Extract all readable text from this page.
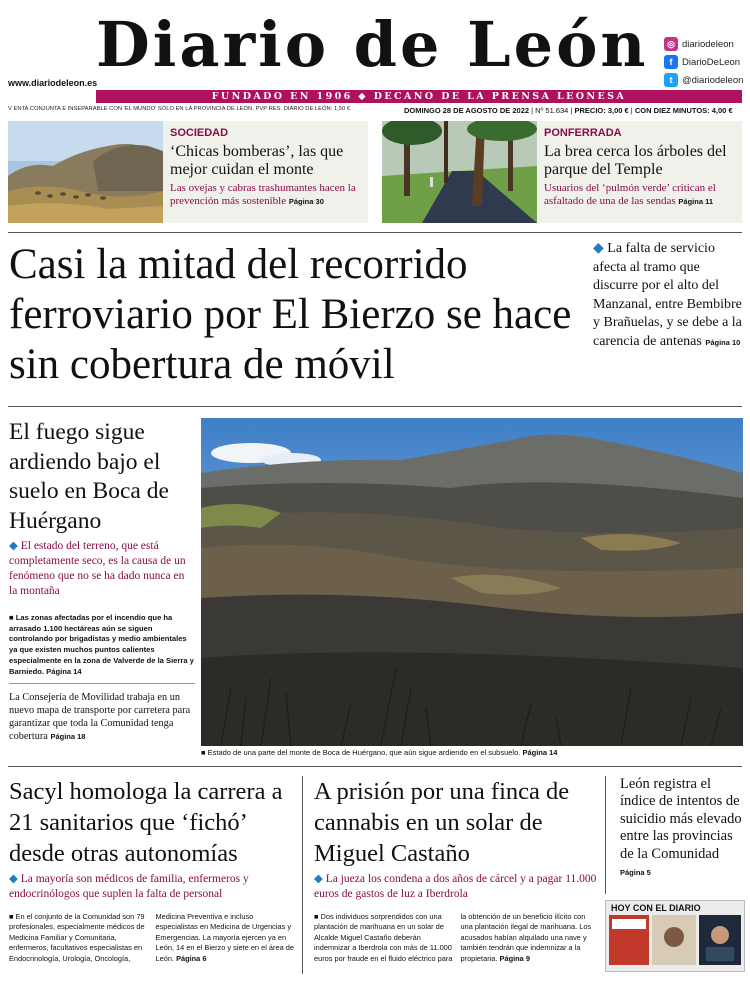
Diario de León	◎ diariodeleon
f	DiarioDeLeon
t	@diariodeleon
www.diariodeleon.es
FUNDADO EN 1906 ◆ DECANO DE LA PRENSA LEONESA
V ENTA CONJUNTA E INSEPARABLE CON 'EL MUNDO' SÓLO EN LA PROVINCIA DE LEÓN. PVP RES. DIARIO DE LEÓN: 1,50 €	DOMINGO 28 DE AGOSTO DE 2022 | Nº 51.634 | PRECIO: 3,00 € | CON DIEZ MINUTOS: 4,00 €
SOCIEDAD
‘Chicas bomberas’, las que mejor cuidan el monte
Las ovejas y cabras trashumantes hacen la prevención más sostenible Página 30
PONFERRADA
La brea cerca los árboles del parque del Temple
Usuarios del ‘pulmón verde’ critican el asfaltado de una de las sendas Página 11
Casi la mitad del recorrido ferroviario por El Bierzo se hace sin cobertura de móvil
◆ La falta de servicio afecta al tramo que discurre por el alto del Manzanal, entre Bembibre y Brañuelas, y se debe a la carencia de antenas Página 10
El fuego sigue ardiendo bajo el suelo en Boca de Huérgano
◆ El estado del terreno, que está completamente seco, es la causa de un fenómeno que no se ha dado nunca en la montaña
■ Las zonas afectadas por el incendio que ha arrasado 1.100 hectáreas aún se siguen controlando por brigadistas y medio ambientales ya que existen muchos puntos calientes especialmente en la zona de Valverde de la Sierra y Barniedo. Página 14
La Consejería de Movilidad trabaja en un nuevo mapa de transporte por carretera para garantizar que toda la Comunidad tenga cobertura Página 18
■ Estado de una parte del monte de Boca de Huérgano, que aún sigue ardiendo en el subsuelo. Página 14
Sacyl homologa la carrera a 21 sanitarios que ‘fichó’ desde otras autonomías
◆ La mayoría son médicos de familia, enfermeros y endocrinólogos que suplen la falta de personal
■ En el conjunto de la Comunidad son 79 profesionales, especialmente médicos de Medicina Familiar y Comunitaria, enfermeros, facultativos especialistas en Endocrinología, Urología, Oncología, Medicina Preventiva e incluso especialistas en Medicina de Urgencias y Emergencias. La mayoría ejercen ya en León, 14 en el Bierzo y siete en el área de León. Página 6
A prisión por una finca de cannabis en un solar de Miguel Castaño
◆ La jueza los condena a dos años de cárcel y a pagar 11.000 euros de gastos de luz a Iberdrola
■ Dos individuos sorprendidos con una plantación de marihuana en un solar de Alcalde Miguel Castaño deberán indemnizar a Iberdrola con más de 11.000 euros por fraude en el fluido eléctrico para la obtención de un beneficio ilícito con una plantación ilegal de marihuana. Los acusados habían alquilado una nave y también tendrán que indemnizar a la propietaria. Página 9
León registra el índice de intentos de suicidio más elevado entre las provincias de la Comunidad Página 5
HOY CON EL DIARIO
